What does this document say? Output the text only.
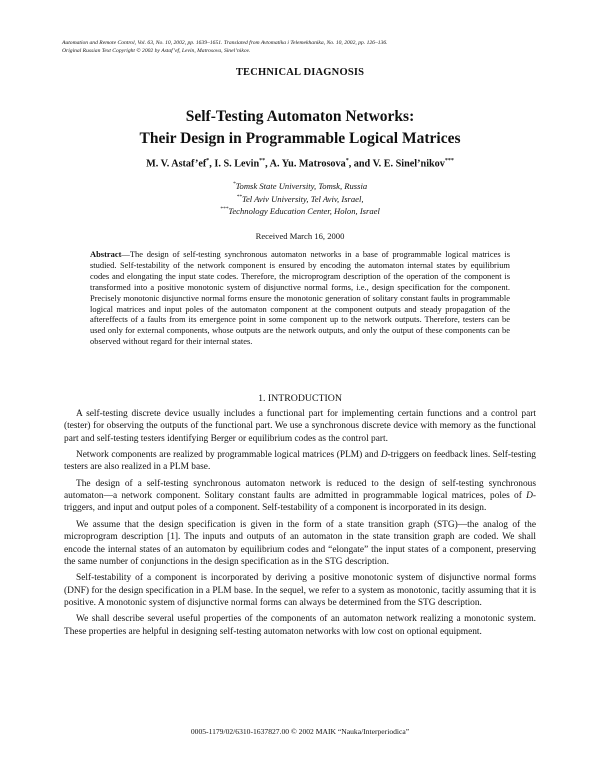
Automation and Remote Control, Vol. 63, No. 10, 2002, pp. 1639–1651. Translated from Avtomatika i Telemekhanika, No. 10, 2002, pp. 126–136.
Original Russian Text Copyright © 2002 by Astaf’ef, Levin, Matrosova, Sinel’nikov.
TECHNICAL DIAGNOSIS
Self-Testing Automaton Networks:
Their Design in Programmable Logical Matrices
M. V. Astaf’ef*, I. S. Levin**, A. Yu. Matrosova*, and V. E. Sinel’nikov***
*Tomsk State University, Tomsk, Russia
**Tel Aviv University, Tel Aviv, Israel,
***Technology Education Center, Holon, Israel
Received March 16, 2000

Abstract—The design of self-testing synchronous automaton networks in a base of programmable logical matrices is studied. Self-testability of the network component is ensured by encoding the automaton internal states by equilibrium codes and elongating the input state codes. Therefore, the microprogram description of the operation of the component is transformed into a positive monotonic system of disjunctive normal forms, i.e., design specification for the component. Precisely monotonic disjunctive normal forms ensure the monotonic generation of solitary constant faults in programmable logical matrices and input poles of the automaton component at the component outputs and steady propagation of the aftereffects of a faults from its emergence point in some component up to the network outputs. Therefore, testers can be used only for external components, whose outputs are the network outputs, and only the output of these components can be observed without regard for their internal states.

1. INTRODUCTION

A self-testing discrete device usually includes a functional part for implementing certain functions and a control part (tester) for observing the outputs of the functional part. We use a synchronous discrete device with memory as the functional part and self-testing testers identifying Berger or equilibrium codes as the control part.

Network components are realized by programmable logical matrices (PLM) and D-triggers on feedback lines. Self-testing testers are also realized in a PLM base.

The design of a self-testing synchronous automaton network is reduced to the design of self-testing synchronous automaton—a network component. Solitary constant faults are admitted in programmable logical matrices, poles of D-triggers, and input and output poles of a component. Self-testability of a component is incorporated in its design.

We assume that the design specification is given in the form of a state transition graph (STG)—the analog of the microprogram description [1]. The inputs and outputs of an automaton in the state transition graph are coded. We shall encode the internal states of an automaton by equilibrium codes and “elongate” the input states of a component, preserving the same number of conjunctions in the design specification as in the STG description.

Self-testability of a component is incorporated by deriving a positive monotonic system of disjunctive normal forms (DNF) for the design specification in a PLM base. In the sequel, we refer to a system as monotonic, tacitly assuming that it is positive. A monotonic system of disjunctive normal forms can always be determined from the STG description.

We shall describe several useful properties of the components of an automaton network realizing a monotonic system. These properties are helpful in designing self-testing automaton networks with low cost on optional equipment.

0005-1179/02/6310-1637827.00 © 2002 MAIK “Nauka/Interperiodica”
